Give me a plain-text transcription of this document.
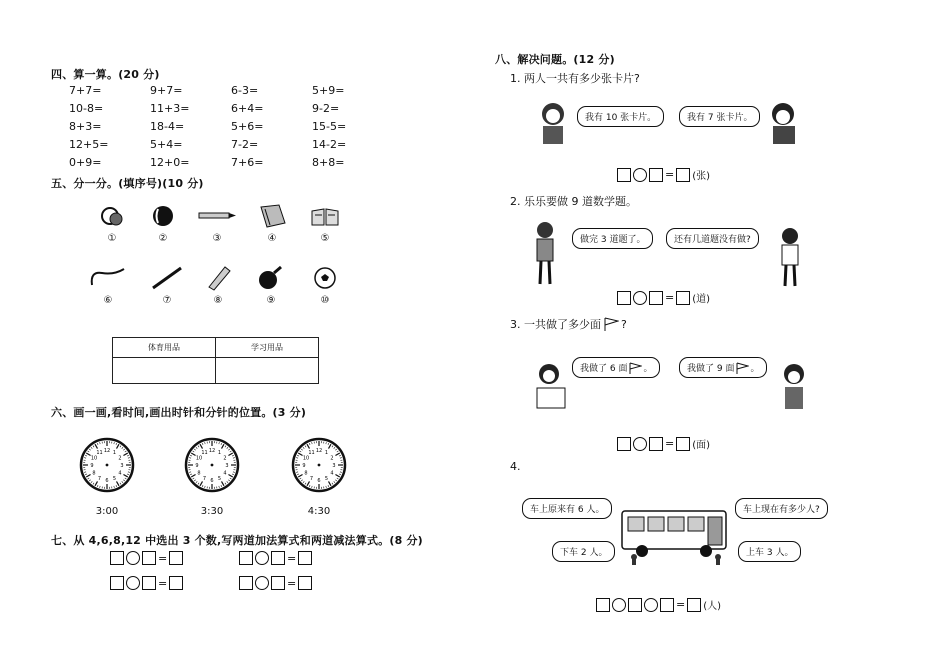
四、算一算。(20 分)
7+7=	9+7=	6-3=	5+9=
10-8=	11+3=	6+4=	9-2=
8+3=	18-4=	5+6=	15-5=
12+5=	5+4=	7-2=	14-2=
0+9=	12+0=	7+6=	8+8=
五、分一分。(填序号)(10 分)
①	②	③	④	⑤
⑥	⑦	⑧	⑨	⑩
体育用品	学习用品

六、画一画,看时间,画出时针和分针的位置。(3 分)
1
2
3
4
5
6
7
8
9
10
11 12	1
2
3
4
5
6
7
8
9
10
11 12	1
2
3
4
5
6
7
8
9
10
11 12
3:00	3:30	4:30
七、从 4,6,8,12 中选出 3 个数,写两道加法算式和两道减法算式。(8 分)
=	=
=	=
八、解决问题。(12 分)
1. 两人一共有多少张卡片?
我有 10 张卡片。	我有 7 张卡片。
= (张)
2. 乐乐要做 9 道数学题。
做完 3 道题了。	还有几道题没有做?
= (道)
3. 一共做了多少面 ?
我做了 6 面 。	我做了 9 面 。
= (面)
4.
车上原来有 6 人。	车上现在有多少人?
下车 2 人。	上车 3 人。
= (人)
